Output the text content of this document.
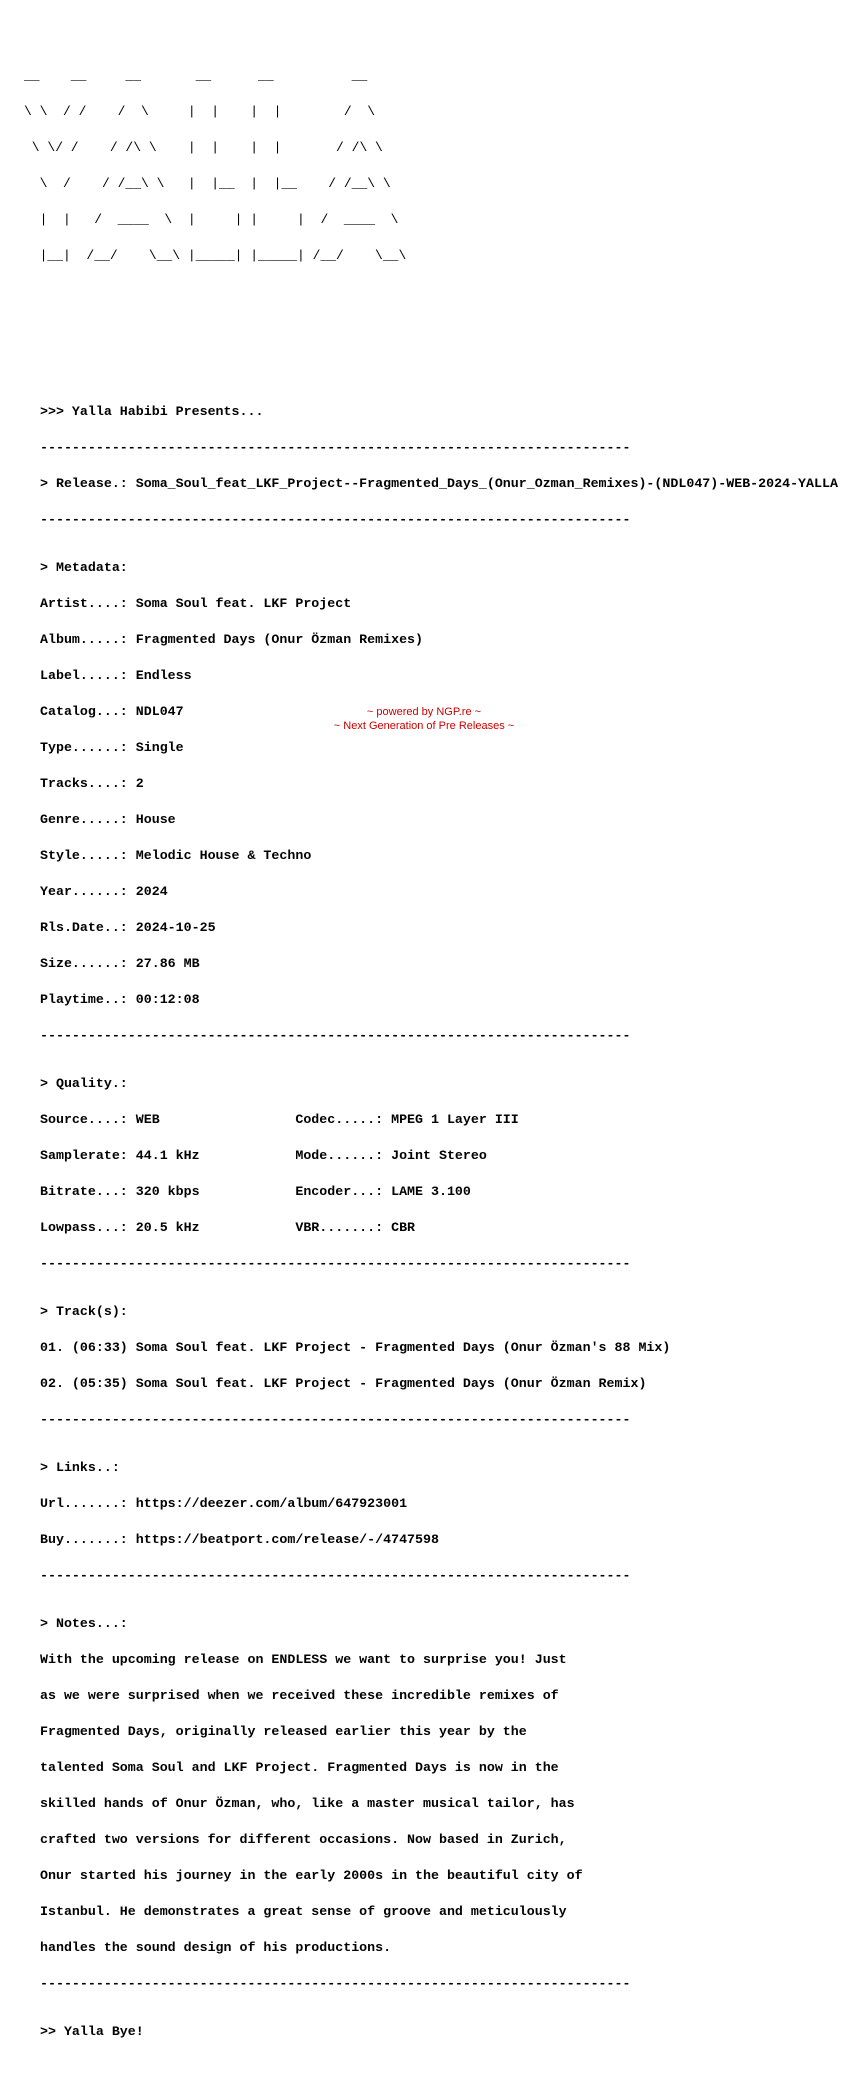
__    __     __       __      __          __

\ \  / /    /  \     |  |    |  |        /  \

\ \/ /    / /\ \    |  |    |  |       / /\ \

\  /    / /__\ \   |  |__  |  |__    / /__\ \

|  |   /  ____  \  |     | |     |  /  ____  \

|__|  /__/    \__\ |_____| |_____| /__/    \__\

>>> Yalla Habibi Presents...

--------------------------------------------------------------------------

> Release.: Soma_Soul_feat_LKF_Project--Fragmented_Days_(Onur_Ozman_Remixes)-(NDL047)-WEB-2024-YALLA

--------------------------------------------------------------------------

> Metadata:

Artist....: Soma Soul feat. LKF Project

Album.....: Fragmented Days (Onur Özman Remixes)

Label.....: Endless

Catalog...: NDL047

Type......: Single

Tracks....: 2

Genre.....: House

Style.....: Melodic House & Techno

Year......: 2024

Rls.Date..: 2024-10-25

Size......: 27.86 MB

Playtime..: 00:12:08

--------------------------------------------------------------------------

> Quality.:

Source....: WEB                 Codec.....: MPEG 1 Layer III

Samplerate: 44.1 kHz            Mode......: Joint Stereo

Bitrate...: 320 kbps            Encoder...: LAME 3.100

Lowpass...: 20.5 kHz            VBR.......: CBR

--------------------------------------------------------------------------

> Track(s):

01. (06:33) Soma Soul feat. LKF Project - Fragmented Days (Onur Özman's 88 Mix)

02. (05:35) Soma Soul feat. LKF Project - Fragmented Days (Onur Özman Remix)

--------------------------------------------------------------------------

> Links..:

Url.......: https://deezer.com/album/647923001

Buy.......: https://beatport.com/release/-/4747598

--------------------------------------------------------------------------

> Notes...:

With the upcoming release on ENDLESS we want to surprise you! Just

as we were surprised when we received these incredible remixes of

Fragmented Days, originally released earlier this year by the

talented Soma Soul and LKF Project. Fragmented Days is now in the

skilled hands of Onur Özman, who, like a master musical tailor, has

crafted two versions for different occasions. Now based in Zurich,

Onur started his journey in the early 2000s in the beautiful city of

Istanbul. He demonstrates a great sense of groove and meticulously

handles the sound design of his productions.

--------------------------------------------------------------------------

>> Yalla Bye!

~ powered by NGP.re ~
~ Next Generation of Pre Releases ~
